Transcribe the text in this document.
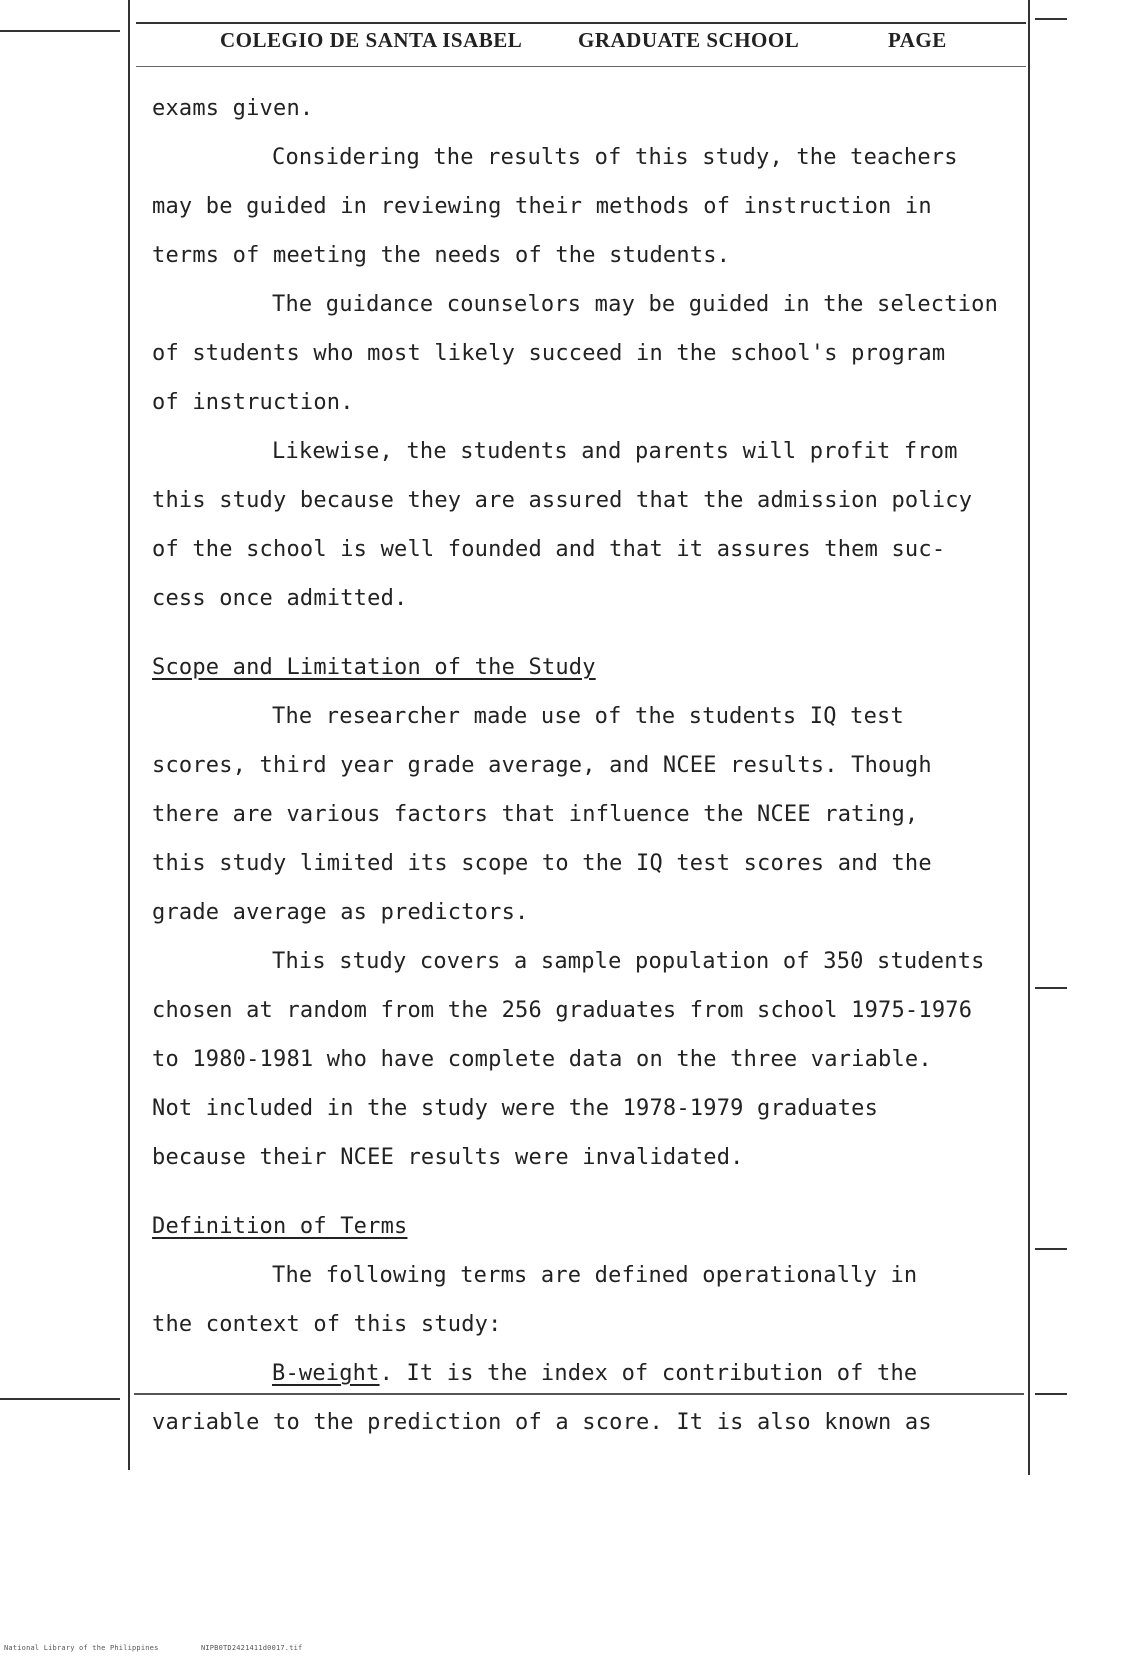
COLEGIO DE SANTA ISABEL	GRADUATE SCHOOL	PAGE
exams given.
Considering the results of this study, the teachers
may be guided in reviewing their methods of instruction in
terms of meeting the needs of the students.
The guidance counselors may be guided in the selection
of students who most likely succeed in the school's program
of instruction.
Likewise, the students and parents will profit from
this study because they are assured that the admission policy
of the school is well founded and that it assures them suc-
cess once admitted.
Scope and Limitation of the Study
The researcher made use of the students IQ test
scores, third year grade average, and NCEE results. Though
there are various factors that influence the NCEE rating,
this study limited its scope to the IQ test scores and the
grade average as predictors.
This study covers a sample population of 350 students
chosen at random from the 256 graduates from school 1975-1976
to 1980-1981 who have complete data on the three variable.
Not included in the study were the 1978-1979 graduates
because their NCEE results were invalidated.
Definition of Terms
The following terms are defined operationally in
the context of this study:
B-weight. It is the index of contribution of the
variable to the prediction of a score. It is also known as
National Library of the Philippines	NIPB0TD2421411d0017.tif
